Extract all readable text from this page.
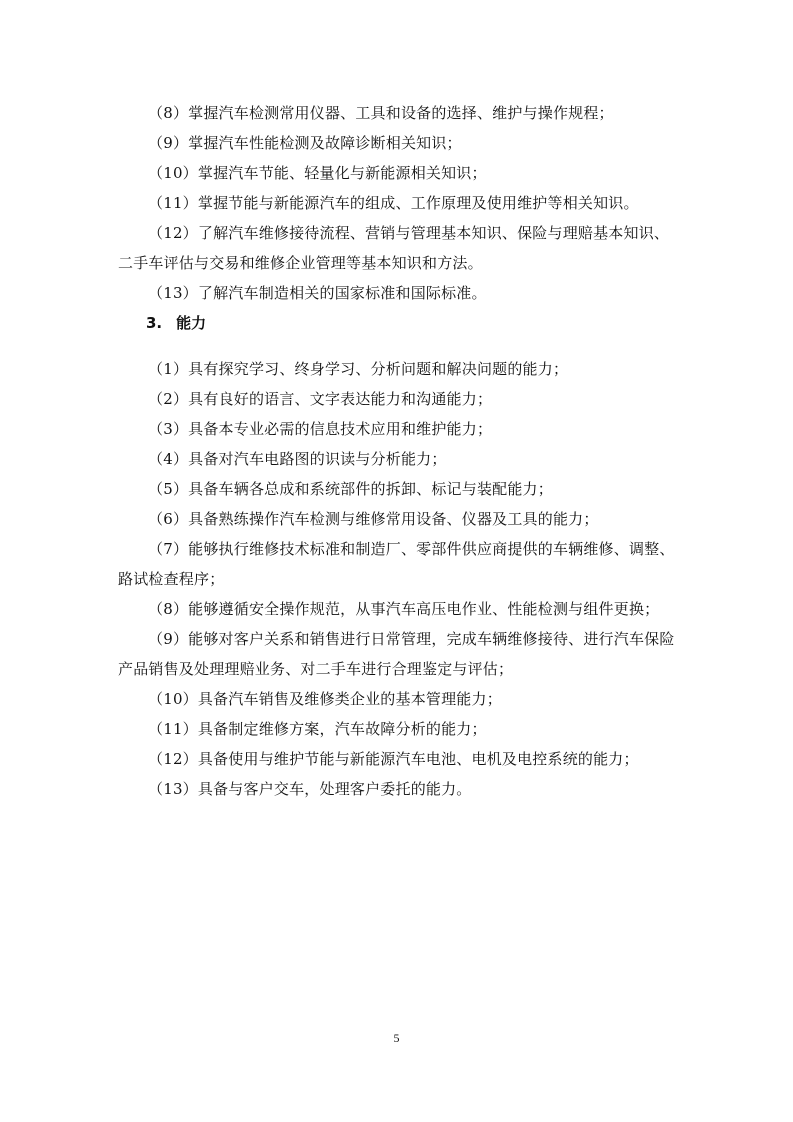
（8）掌握汽车检测常用仪器、工具和设备的选择、维护与操作规程；

（9）掌握汽车性能检测及故障诊断相关知识；

（10）掌握汽车节能、轻量化与新能源相关知识；

（11）掌握节能与新能源汽车的组成、工作原理及使用维护等相关知识。

（12）了解汽车维修接待流程、营销与管理基本知识、保险与理赔基本知识、二手车评估与交易和维修企业管理等基本知识和方法。

（13）了解汽车制造相关的国家标准和国际标准。

3. 能力

（1）具有探究学习、终身学习、分析问题和解决问题的能力；

（2）具有良好的语言、文字表达能力和沟通能力；

（3）具备本专业必需的信息技术应用和维护能力；

（4）具备对汽车电路图的识读与分析能力；

（5）具备车辆各总成和系统部件的拆卸、标记与装配能力；

（6）具备熟练操作汽车检测与维修常用设备、仪器及工具的能力；

（7）能够执行维修技术标准和制造厂、零部件供应商提供的车辆维修、调整、路试检查程序；

（8）能够遵循安全操作规范，从事汽车高压电作业、性能检测与组件更换；

（9）能够对客户关系和销售进行日常管理，完成车辆维修接待、进行汽车保险产品销售及处理理赔业务、对二手车进行合理鉴定与评估；

（10）具备汽车销售及维修类企业的基本管理能力；

（11）具备制定维修方案，汽车故障分析的能力；

（12）具备使用与维护节能与新能源汽车电池、电机及电控系统的能力；

（13）具备与客户交车，处理客户委托的能力。

5
